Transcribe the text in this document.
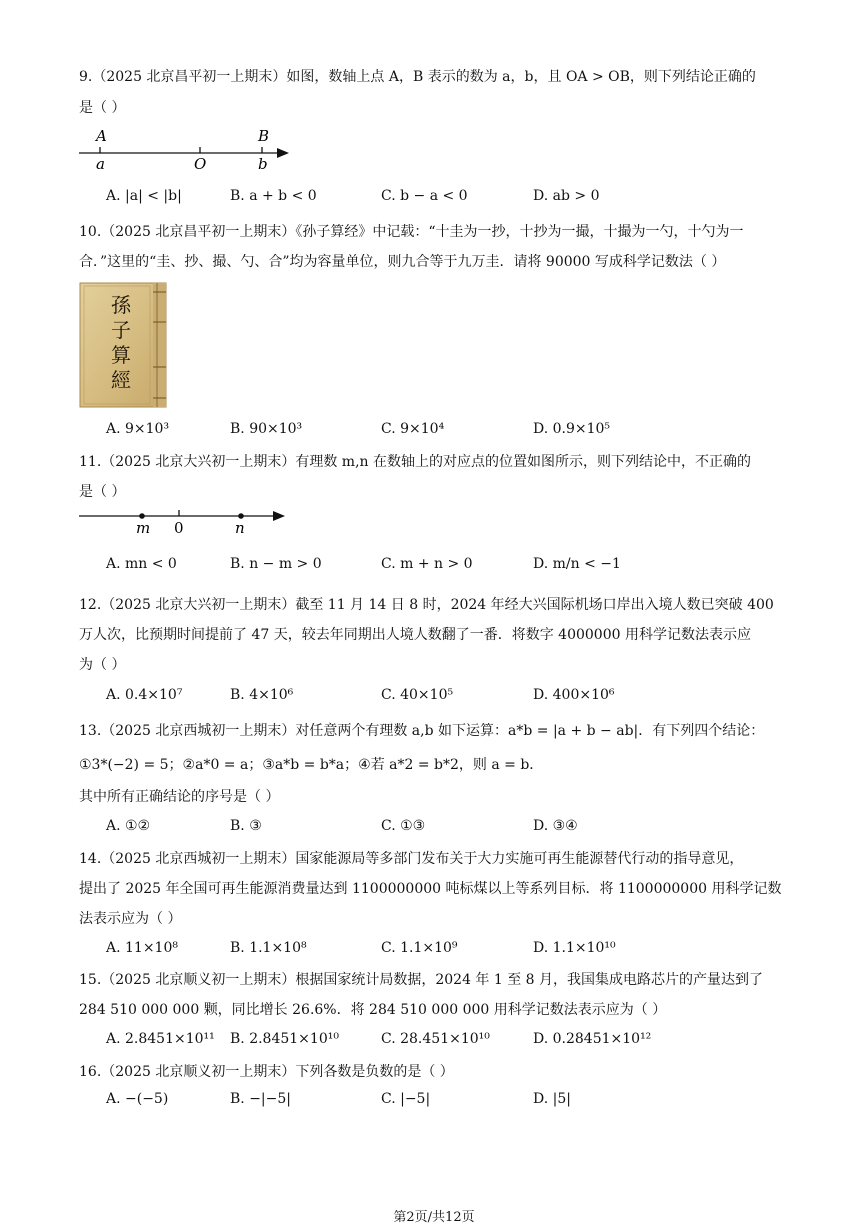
9.（2025 北京昌平初一上期末）如图，数轴上点 A，B 表示的数为 a，b，且 OA > OB，则下列结论正确的
是（ ）
A	B
a	O	b
A. |a| < |b|	B. a + b < 0	C. b − a < 0	D. ab > 0
10.（2025 北京昌平初一上期末）《孙子算经》中记载：“十圭为一抄，十抄为一撮，十撮为一勺，十勺为一
合．”这里的“圭、抄、撮、勺、合”均为容量单位，则九合等于九万圭．请将 90000 写成科学记数法（ ）
孫
子
算
經
A. 9×10³	B. 90×10³	C. 9×10⁴	D. 0.9×10⁵
11.（2025 北京大兴初一上期末）有理数 m,n 在数轴上的对应点的位置如图所示，则下列结论中，不正确的
是（ ）
m 0	n
A. mn < 0	B. n − m > 0	C. m + n > 0	D. m/n < −1
12.（2025 北京大兴初一上期末）截至 11 月 14 日 8 时，2024 年经大兴国际机场口岸出入境人数已突破 400
万人次，比预期时间提前了 47 天，较去年同期出人境人数翻了一番．将数字 4000000 用科学记数法表示应
为（ ）
A. 0.4×10⁷	B. 4×10⁶	C. 40×10⁵	D. 400×10⁶
13.（2025 北京西城初一上期末）对任意两个有理数 a,b 如下运算：a*b = |a + b − ab|．有下列四个结论：
①3*(−2) = 5；②a*0 = a；③a*b = b*a；④若 a*2 = b*2，则 a = b．
其中所有正确结论的序号是（ ）
A. ①②	B. ③	C. ①③	D. ③④
14.（2025 北京西城初一上期末）国家能源局等多部门发布关于大力实施可再生能源替代行动的指导意见，
提出了 2025 年全国可再生能源消费量达到 1100000000 吨标煤以上等系列目标．将 1100000000 用科学记数
法表示应为（ ）
A. 11×10⁸	B. 1.1×10⁸	C. 1.1×10⁹	D. 1.1×10¹⁰
15.（2025 北京顺义初一上期末）根据国家统计局数据，2024 年 1 至 8 月，我国集成电路芯片的产量达到了
284 510 000 000 颗，同比增长 26.6%．将 284 510 000 000 用科学记数法表示应为（ ）
A. 2.8451×10¹¹ B. 2.8451×10¹⁰	C. 28.451×10¹⁰	D. 0.28451×10¹²
16.（2025 北京顺义初一上期末）下列各数是负数的是（ ）
A. −(−5)	B. −|−5|	C. |−5|	D. |5|
第2页/共12页
